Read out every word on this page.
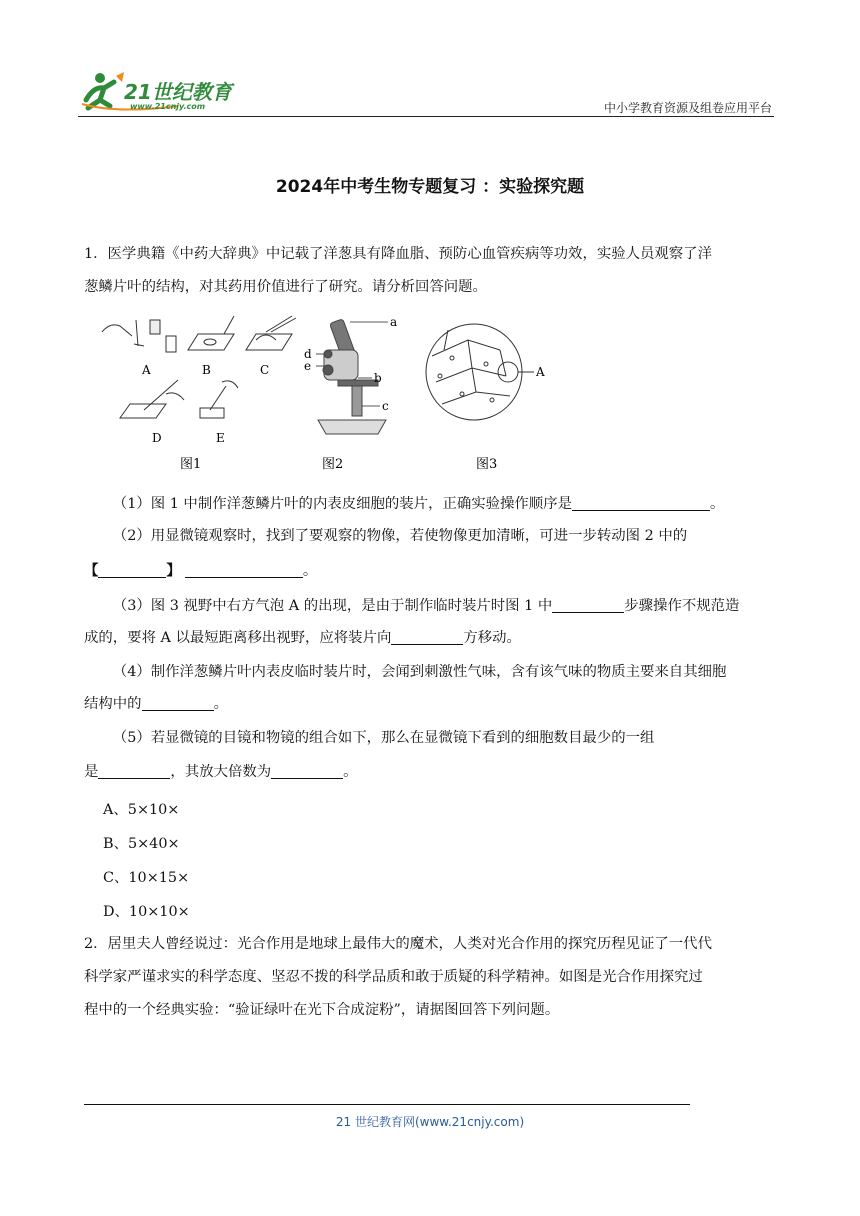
21世纪教育
www.21cnjy.com	中小学教育资源及组卷应用平台
2024年中考生物专题复习 ：实验探究题
1．医学典籍《中药大辞典》中记载了洋葱具有降血脂、预防心血管疾病等功效，实验人员观察了洋
葱鳞片叶的结构，对其药用价值进行了研究。请分析回答问题。
A	B	C
D	E
a
b
c
d
e	A
图1	图2	图3
（1）图 1 中制作洋葱鳞片叶的内表皮细胞的装片，正确实验操作顺序是	。
（2）用显微镜观察时，找到了要观察的物像，若使物像更加清晰，可进一步转动图 2 中的
【	】	。
（3）图 3 视野中右方气泡 A 的出现，是由于制作临时装片时图 1 中	步骤操作不规范造
成的，要将 A 以最短距离移出视野，应将装片向	方移动。
（4）制作洋葱鳞片叶内表皮临时装片时，会闻到刺激性气味，含有该气味的物质主要来自其细胞
结构中的	。
（5）若显微镜的目镜和物镜的组合如下，那么在显微镜下看到的细胞数目最少的一组
是	，其放大倍数为	。
A、5×10×
B、5×40×
C、10×15×
D、10×10×
2．居里夫人曾经说过：光合作用是地球上最伟大的魔术，人类对光合作用的探究历程见证了一代代
科学家严谨求实的科学态度、坚忍不拨的科学品质和敢于质疑的科学精神。如图是光合作用探究过
程中的一个经典实验：“验证绿叶在光下合成淀粉”，请据图回答下列问题。
21 世纪教育网(www.21cnjy.com)
